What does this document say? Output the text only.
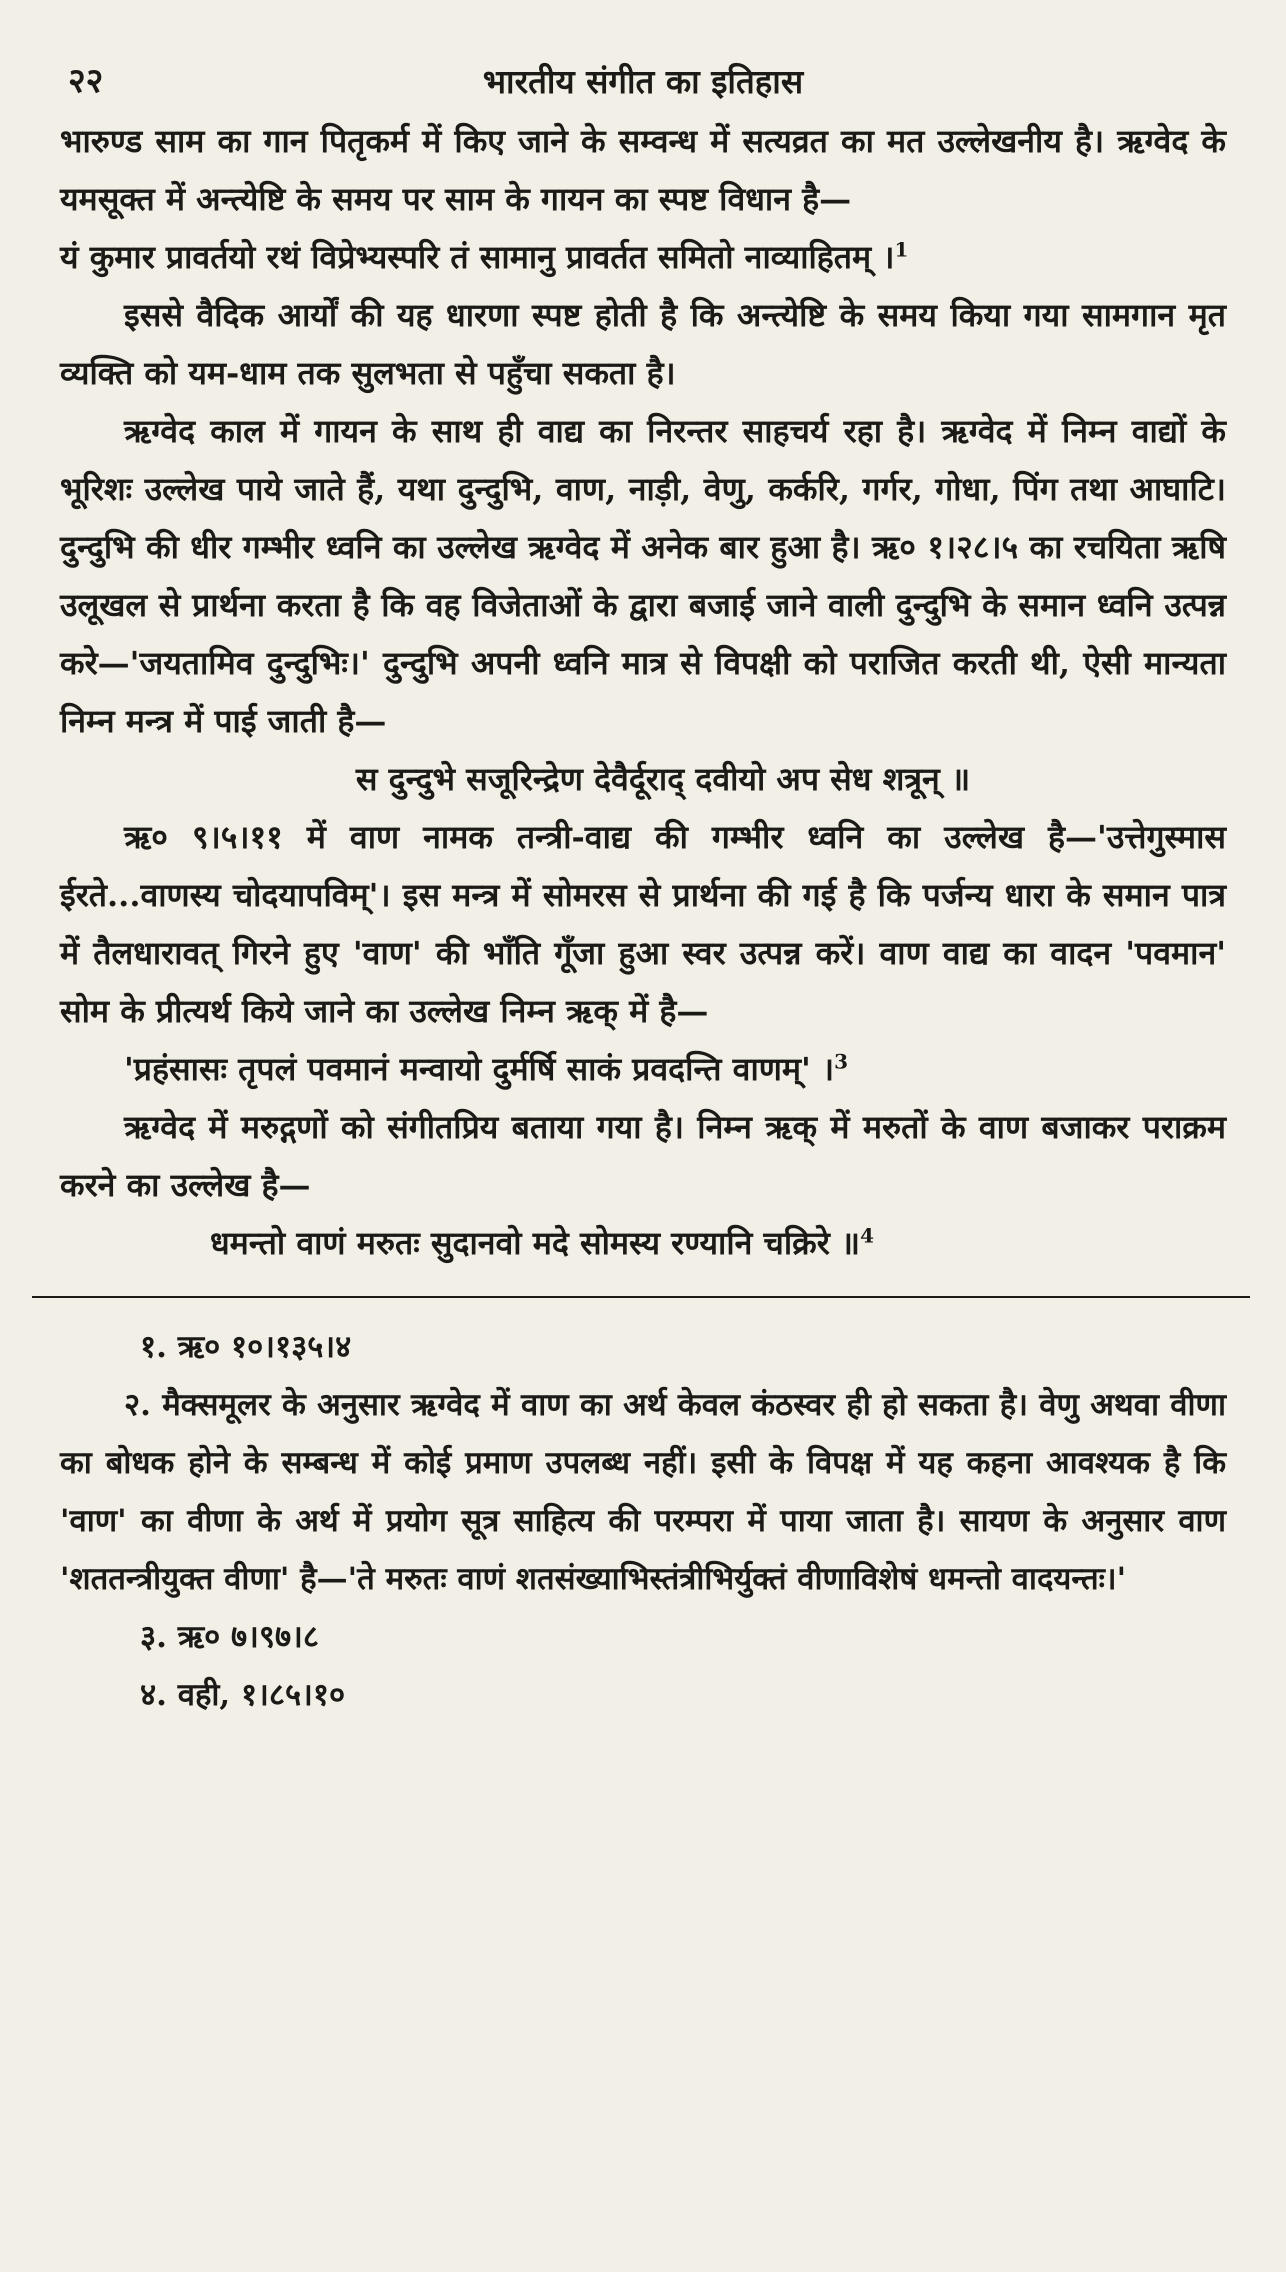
२२	भारतीय संगीत का इतिहास

भारुण्ड साम का गान पितृकर्म में किए जाने के सम्वन्ध में सत्यव्रत का मत उल्लेखनीय है। ऋग्वेद के यमसूक्त में अन्त्येष्टि के समय पर साम के गायन का स्पष्ट विधान है—

यं कुमार प्रावर्तयो रथं विप्रेभ्यस्परि तं सामानु प्रावर्तत समितो नाव्याहितम् ।$^1$

इससे वैदिक आर्यों की यह धारणा स्पष्ट होती है कि अन्त्येष्टि के समय किया गया सामगान मृत व्यक्ति को यम-धाम तक सुलभता से पहुँचा सकता है।

ऋग्वेद काल में गायन के साथ ही वाद्य का निरन्तर साहचर्य रहा है। ऋग्वेद में निम्न वाद्यों के भूरिशः उल्लेख पाये जाते हैं, यथा दुन्दुभि, वाण, नाड़ी, वेणु, कर्करि, गर्गर, गोधा, पिंग तथा आघाटि। दुन्दुभि की धीर गम्भीर ध्वनि का उल्लेख ऋग्वेद में अनेक बार हुआ है। ऋ० १।२८।५ का रचयिता ऋषि उलूखल से प्रार्थना करता है कि वह विजेताओं के द्वारा बजाई जाने वाली दुन्दुभि के समान ध्वनि उत्पन्न करे—'जयतामिव दुन्दुभिः।' दुन्दुभि अपनी ध्वनि मात्र से विपक्षी को पराजित करती थी, ऐसी मान्यता निम्न मन्त्र में पाई जाती है—

स दुन्दुभे सजूरिन्द्रेण देवैर्दूराद् दवीयो अप सेध शत्रून् ॥

ऋ० ९।५।११ में वाण नामक तन्त्री-वाद्य की गम्भीर ध्वनि का उल्लेख है—'उत्तेगुस्मास ईरते...वाणस्य चोदयापविम्'। इस मन्त्र में सोमरस से प्रार्थना की गई है कि पर्जन्य धारा के समान पात्र में तैलधारावत् गिरने हुए 'वाण' की भाँति गूँजा हुआ स्वर उत्पन्न करें। वाण वाद्य का वादन 'पवमान' सोम के प्रीत्यर्थ किये जाने का उल्लेख निम्न ऋक् में है—

'प्रहंसासः तृपलं पवमानं मन्वायो दुर्मर्षि साकं प्रवदन्ति वाणम्' ।$^3$

ऋग्वेद में मरुद्गणों को संगीतप्रिय बताया गया है। निम्न ऋक् में मरुतों के वाण बजाकर पराक्रम करने का उल्लेख है—

धमन्तो वाणं मरुतः सुदानवो मदे सोमस्य रण्यानि चक्रिरे ॥$^4$

१. ऋ० १०।१३५।४

२. मैक्समूलर के अनुसार ऋग्वेद में वाण का अर्थ केवल कंठस्वर ही हो सकता है। वेणु अथवा वीणा का बोधक होने के सम्बन्ध में कोई प्रमाण उपलब्ध नहीं। इसी के विपक्ष में यह कहना आवश्यक है कि 'वाण' का वीणा के अर्थ में प्रयोग सूत्र साहित्य की परम्परा में पाया जाता है। सायण के अनुसार वाण 'शततन्त्रीयुक्त वीणा' है—'ते मरुतः वाणं शतसंख्याभिस्तंत्रीभिर्युक्तं वीणाविशेषं धमन्तो वादयन्तः।'

३. ऋ० ७।९७।८

४. वही, १।८५।१०
